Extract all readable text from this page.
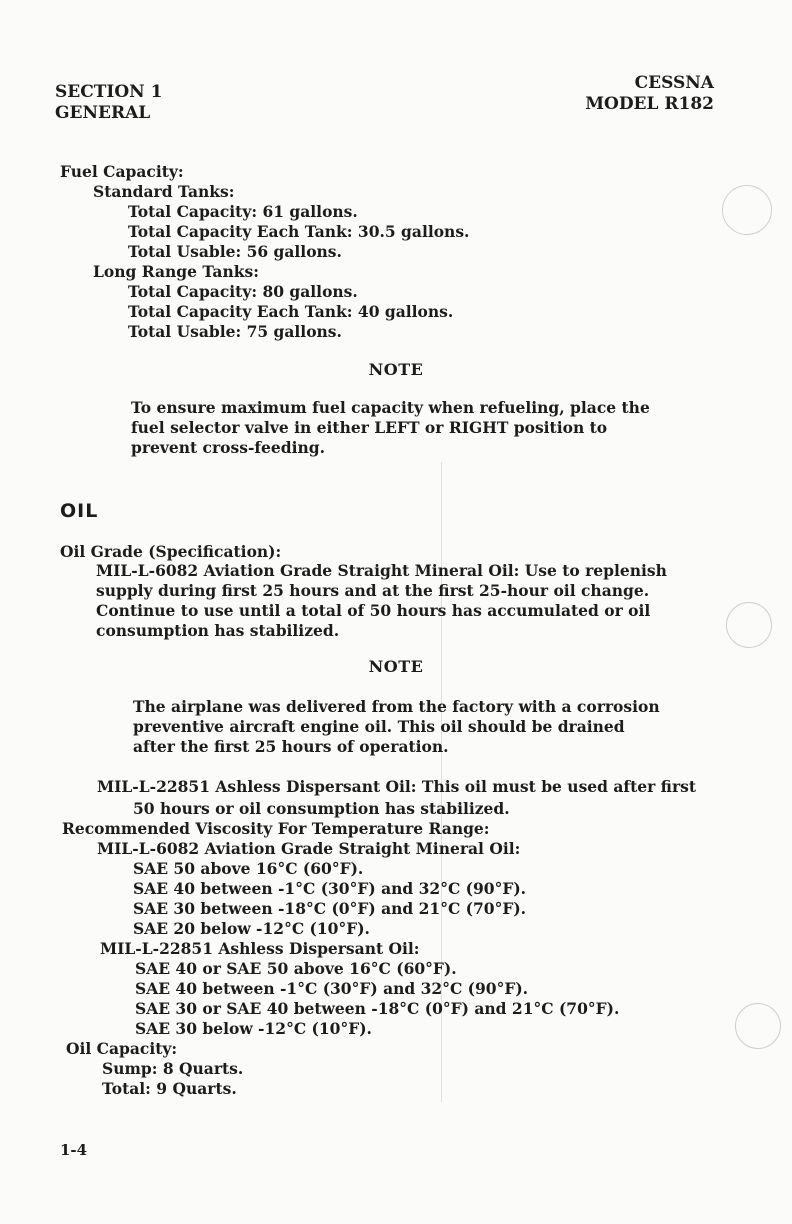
SECTION 1
GENERAL
CESSNA
MODEL R182
Fuel Capacity:
Standard Tanks:
Total Capacity: 61 gallons.
Total Capacity Each Tank: 30.5 gallons.
Total Usable: 56 gallons.
Long Range Tanks:
Total Capacity: 80 gallons.
Total Capacity Each Tank: 40 gallons.
Total Usable: 75 gallons.
NOTE
To ensure maximum fuel capacity when refueling, place the fuel selector valve in either LEFT or RIGHT position to prevent cross-feeding.
OIL
Oil Grade (Specification):
MIL-L-6082 Aviation Grade Straight Mineral Oil: Use to replenish supply during first 25 hours and at the first 25-hour oil change. Continue to use until a total of 50 hours has accumulated or oil consumption has stabilized.
NOTE
The airplane was delivered from the factory with a corrosion preventive aircraft engine oil. This oil should be drained after the first 25 hours of operation.
MIL-L-22851 Ashless Dispersant Oil: This oil must be used after first
50 hours or oil consumption has stabilized.
Recommended Viscosity For Temperature Range:
MIL-L-6082 Aviation Grade Straight Mineral Oil:
SAE 50 above 16°C (60°F).
SAE 40 between -1°C (30°F) and 32°C (90°F).
SAE 30 between -18°C (0°F) and 21°C (70°F).
SAE 20 below -12°C (10°F).
MIL-L-22851 Ashless Dispersant Oil:
SAE 40 or SAE 50 above 16°C (60°F).
SAE 40 between -1°C (30°F) and 32°C (90°F).
SAE 30 or SAE 40 between -18°C (0°F) and 21°C (70°F).
SAE 30 below -12°C (10°F).
Oil Capacity:
Sump: 8 Quarts.
Total: 9 Quarts.
1-4
